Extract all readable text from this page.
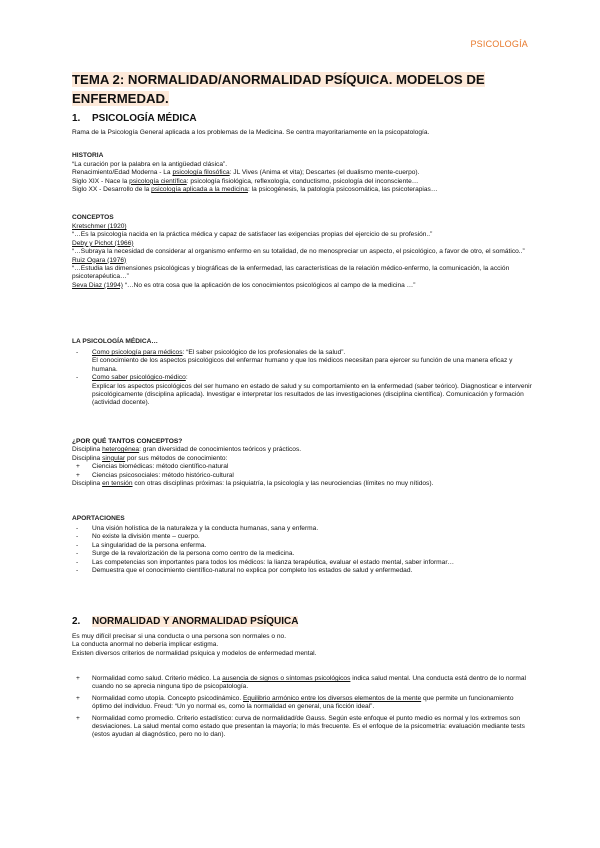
PSICOLOGÍA
TEMA 2: NORMALIDAD/ANORMALIDAD PSÍQUICA. MODELOS DE ENFERMEDAD.
1. PSICOLOGÍA MÉDICA
Rama de la Psicología General aplicada a los problemas de la Medicina. Se centra mayoritariamente en la psicopatología.
HISTORIA
“La curación por la palabra en la antigüedad clásica”.
Renacimiento/Edad Moderna - La psicología filosófica: JL Vives (Anima et vita); Descartes (el dualismo mente-cuerpo).
Siglo XIX - Nace la psicología científica: psicología fisiológica, reflexología, conductismo, psicología del inconsciente…
Siglo XX - Desarrollo de la psicología aplicada a la medicina: la psicogénesis, la patología psicosomática, las psicoterapias…
CONCEPTOS
Kretschmer (1920)
“…Es la psicología nacida en la práctica médica y capaz de satisfacer las exigencias propias del ejercicio de su profesión..”
Deby y Pichot (1966)
“…Subraya la necesidad de considerar al organismo enfermo en su totalidad, de no menospreciar un aspecto, el psicológico, a favor de otro, el somático..”
Ruiz Ogara (1976)
“…Estudia las dimensiones psicológicas y biográficas de la enfermedad, las características de la relación médico-enfermo, la comunicación, la acción psicoterapéutica…”
Seva Diaz (1994) “…No es otra cosa que la aplicación de los conocimientos psicológicos al campo de la medicina …”
LA PSICOLOGÍA MÉDICA…
- Como psicología para médicos: “El saber psicológico de los profesionales de la salud”.
El conocimiento de los aspectos psicológicos del enfermar humano y que los médicos necesitan para ejercer su función de una manera eficaz y humana.
- Como saber psicológico-médico:
Explicar los aspectos psicológicos del ser humano en estado de salud y su comportamiento en la enfermedad (saber teórico). Diagnosticar e intervenir psicológicamente (disciplina aplicada). Investigar e interpretar los resultados de las investigaciones (disciplina científica). Comunicación y formación (actividad docente).
¿POR QUÉ TANTOS CONCEPTOS?
Disciplina heterogénea: gran diversidad de conocimientos teóricos y prácticos.
Disciplina singular por sus métodos de conocimiento:
+ Ciencias biomédicas: método científico-natural
+ Ciencias psicosociales: método histórico-cultural
Disciplina en tensión con otras disciplinas próximas: la psiquiatría, la psicología y las neurociencias (límites no muy nítidos).
APORTACIONES
- Una visión holística de la naturaleza y la conducta humanas, sana y enferma.
- No existe la división mente – cuerpo.
- La singularidad de la persona enferma.
- Surge de la revalorización de la persona como centro de la medicina.
- Las competencias son importantes para todos los médicos: la lianza terapéutica, evaluar el estado mental, saber informar…
- Demuestra que el conocimiento científico-natural no explica por completo los estados de salud y enfermedad.
2. NORMALIDAD Y ANORMALIDAD PSÍQUICA
Es muy difícil precisar si una conducta o una persona son normales o no.
La conducta anormal no debería implicar estigma.
Existen diversos criterios de normalidad psíquica y modelos de enfermedad mental.
+ Normalidad como salud. Criterio médico. La ausencia de signos o síntomas psicológicos indica salud mental. Una conducta está dentro de lo normal cuando no se aprecia ninguna tipo de psicopatología.
+ Normalidad como utopía. Concepto psicodinámico. Equilibrio armónico entre los diversos elementos de la mente que permite un funcionamiento óptimo del individuo. Freud: “Un yo normal es, como la normalidad en general, una ficción ideal”.
+ Normalidad como promedio. Criterio estadístico: curva de normalidad/de Gauss. Según este enfoque el punto medio es normal y los extremos son desviaciones. La salud mental como estado que presentan la mayoría; lo más frecuente. Es el enfoque de la psicometría: evaluación mediante tests (estos ayudan al diagnóstico, pero no lo dan).
